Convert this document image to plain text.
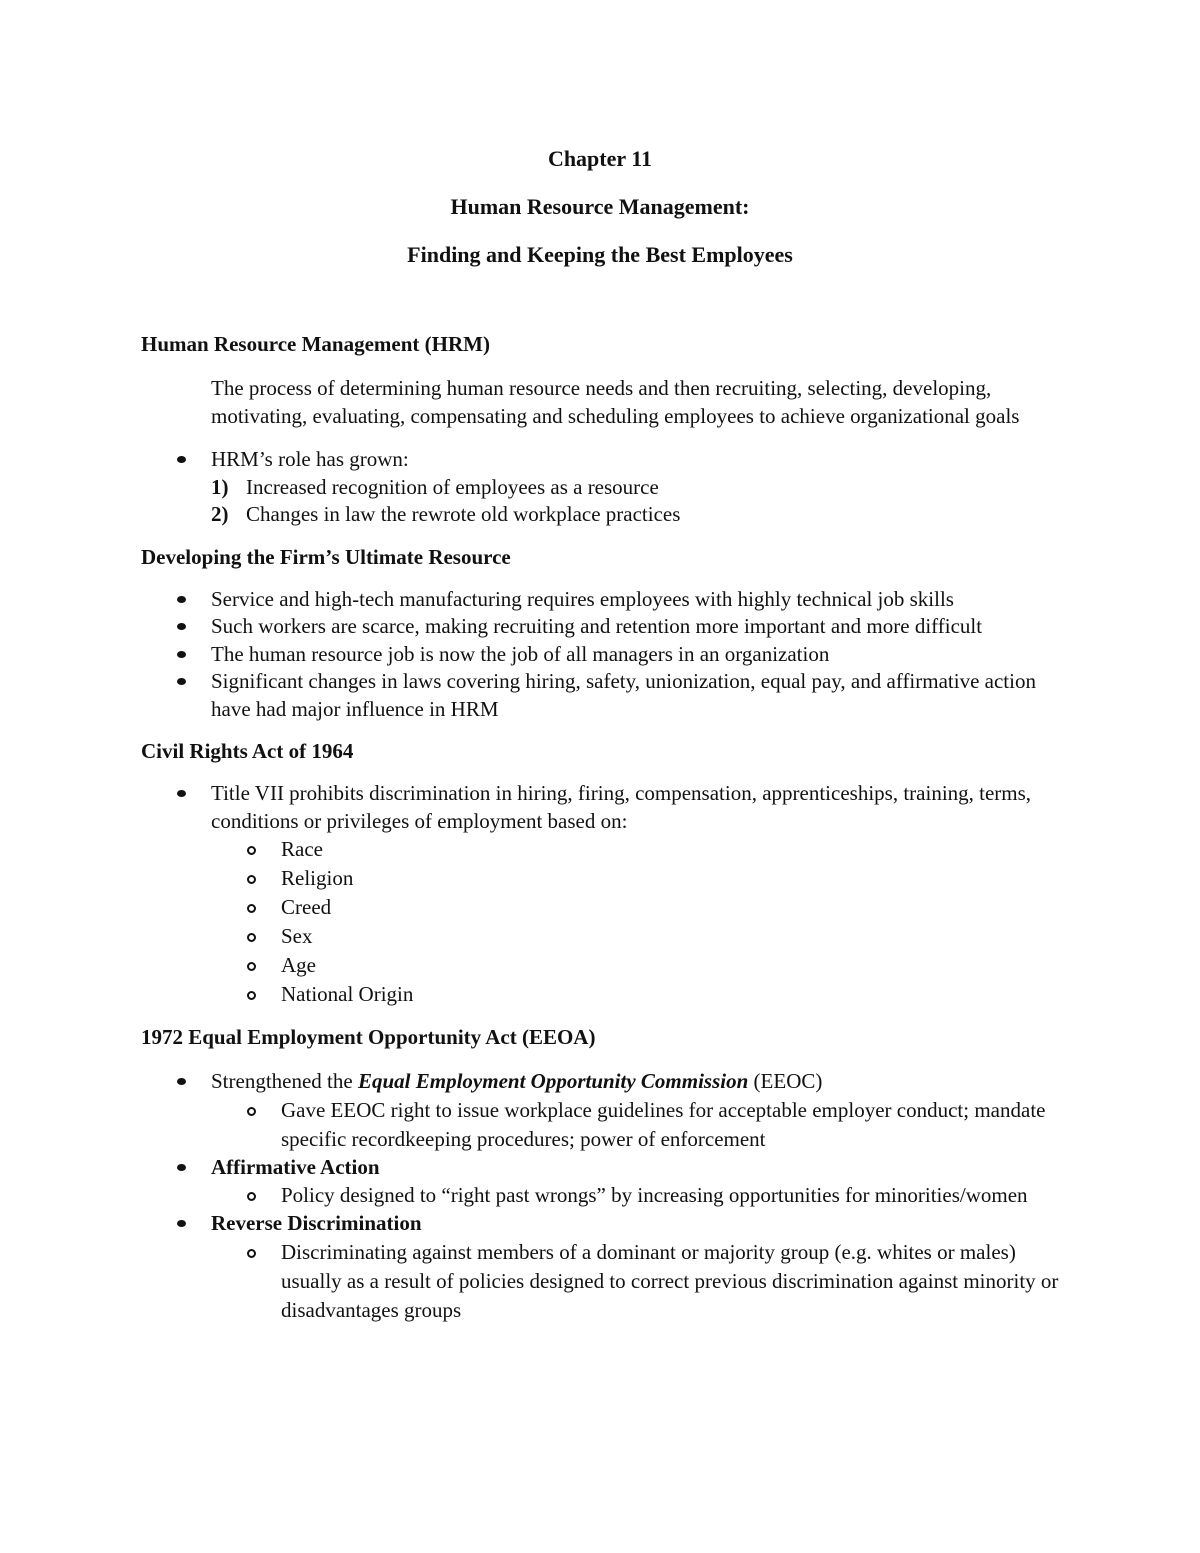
Chapter 11
Human Resource Management:
Finding and Keeping the Best Employees
Human Resource Management (HRM)
The process of determining human resource needs and then recruiting, selecting, developing, motivating, evaluating, compensating and scheduling employees to achieve organizational goals
HRM’s role has grown:
1) Increased recognition of employees as a resource
2) Changes in law the rewrote old workplace practices
Developing the Firm’s Ultimate Resource
Service and high-tech manufacturing requires employees with highly technical job skills
Such workers are scarce, making recruiting and retention more important and more difficult
The human resource job is now the job of all managers in an organization
Significant changes in laws covering hiring, safety, unionization, equal pay, and affirmative action have had major influence in HRM
Civil Rights Act of 1964
Title VII prohibits discrimination in hiring, firing, compensation, apprenticeships, training, terms, conditions or privileges of employment based on:
Race
Religion
Creed
Sex
Age
National Origin
1972 Equal Employment Opportunity Act (EEOA)
Strengthened the Equal Employment Opportunity Commission (EEOC)
Gave EEOC right to issue workplace guidelines for acceptable employer conduct; mandate specific recordkeeping procedures; power of enforcement
Affirmative Action
Policy designed to “right past wrongs” by increasing opportunities for minorities/women
Reverse Discrimination
Discriminating against members of a dominant or majority group (e.g. whites or males) usually as a result of policies designed to correct previous discrimination against minority or disadvantages groups
